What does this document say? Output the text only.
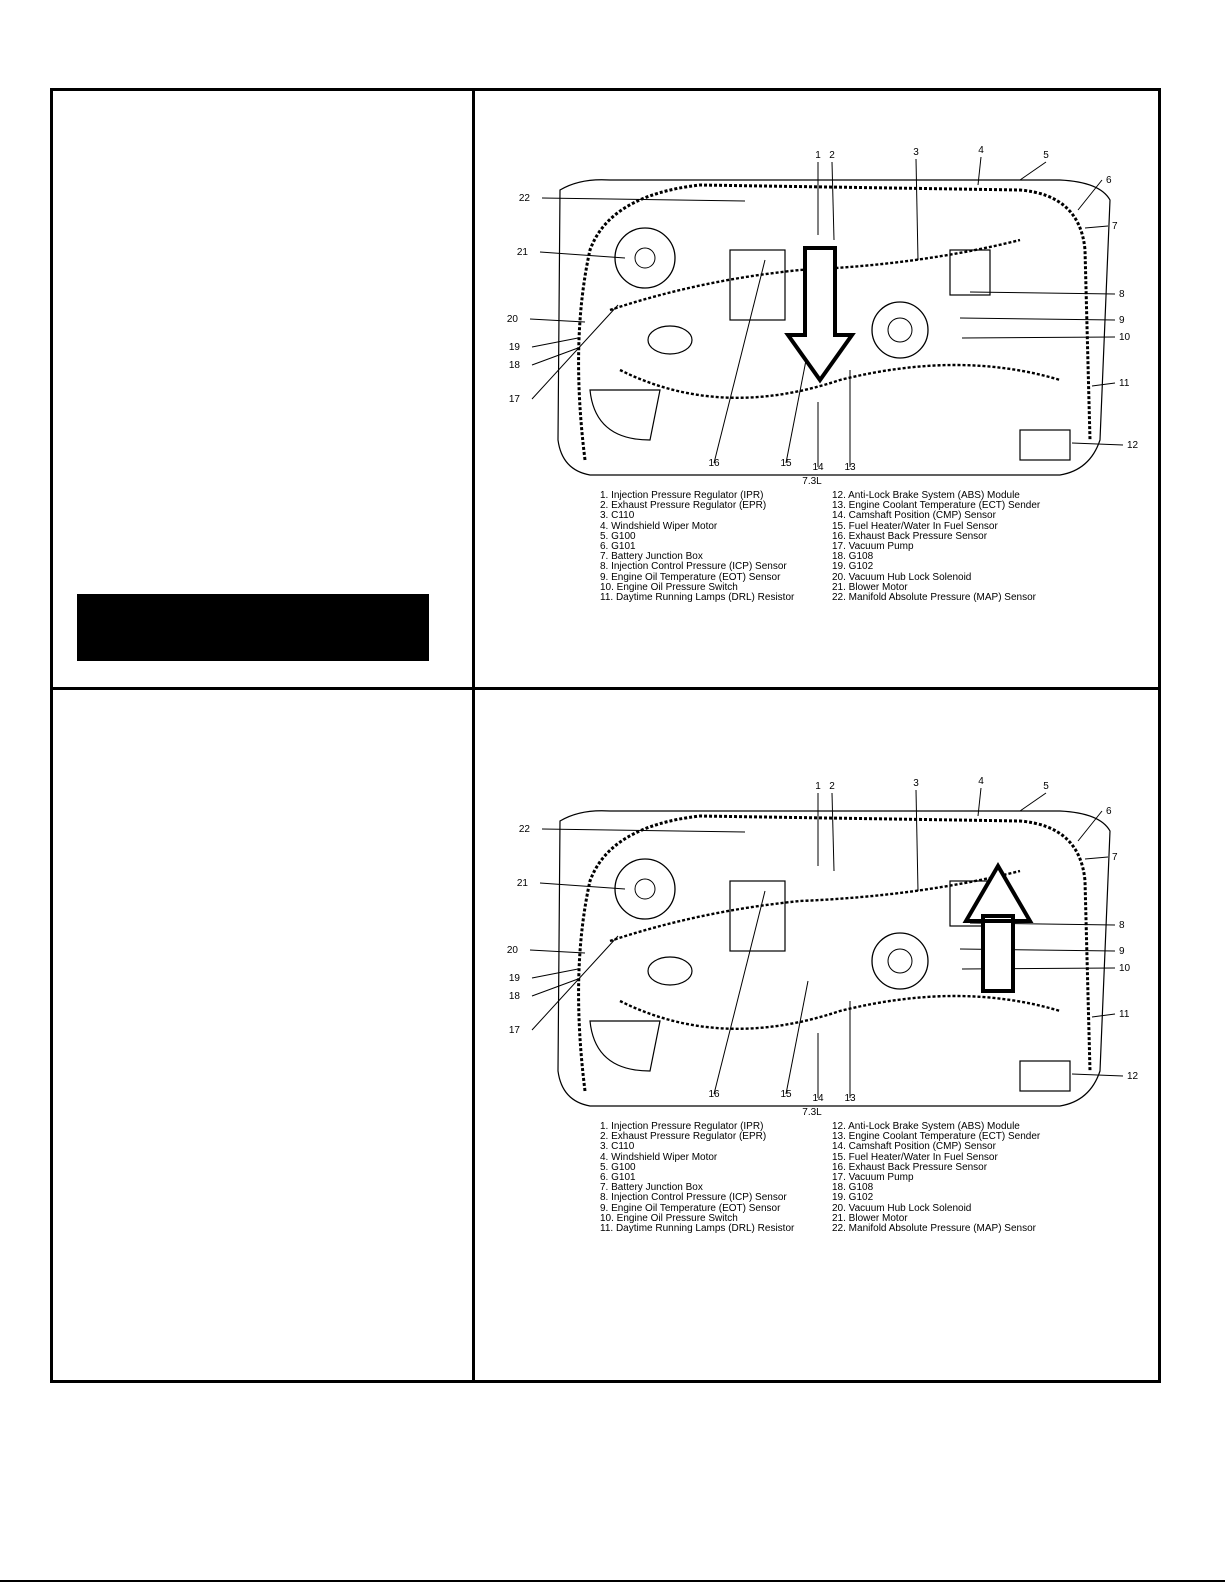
1 2	3	4	5
6
7
8
9
10
11
12
13
14
15
16
17
18
19
20
21
22
7.3L
1. Injection Pressure Regulator (IPR)
2. Exhaust Pressure Regulator (EPR)
3. C110
4. Windshield Wiper Motor
5. G100
6. G101
7. Battery Junction Box
8. Injection Control Pressure (ICP) Sensor
9. Engine Oil Temperature (EOT) Sensor
10. Engine Oil Pressure Switch
11. Daytime Running Lamps (DRL) Resistor
12. Anti-Lock Brake System (ABS) Module
13. Engine Coolant Temperature (ECT) Sender
14. Camshaft Position (CMP) Sensor
15. Fuel Heater/Water In Fuel Sensor
16. Exhaust Back Pressure Sensor
17. Vacuum Pump
18. G108
19. G102
20. Vacuum Hub Lock Solenoid
21. Blower Motor
22. Manifold Absolute Pressure (MAP) Sensor
1 2	3	4	5
6
7
8
9
10
11
12
13
14
15
16
17
18
19
20
21
22
7.3L
1. Injection Pressure Regulator (IPR)
2. Exhaust Pressure Regulator (EPR)
3. C110
4. Windshield Wiper Motor
5. G100
6. G101
7. Battery Junction Box
8. Injection Control Pressure (ICP) Sensor
9. Engine Oil Temperature (EOT) Sensor
10. Engine Oil Pressure Switch
11. Daytime Running Lamps (DRL) Resistor
12. Anti-Lock Brake System (ABS) Module
13. Engine Coolant Temperature (ECT) Sender
14. Camshaft Position (CMP) Sensor
15. Fuel Heater/Water In Fuel Sensor
16. Exhaust Back Pressure Sensor
17. Vacuum Pump
18. G108
19. G102
20. Vacuum Hub Lock Solenoid
21. Blower Motor
22. Manifold Absolute Pressure (MAP) Sensor
